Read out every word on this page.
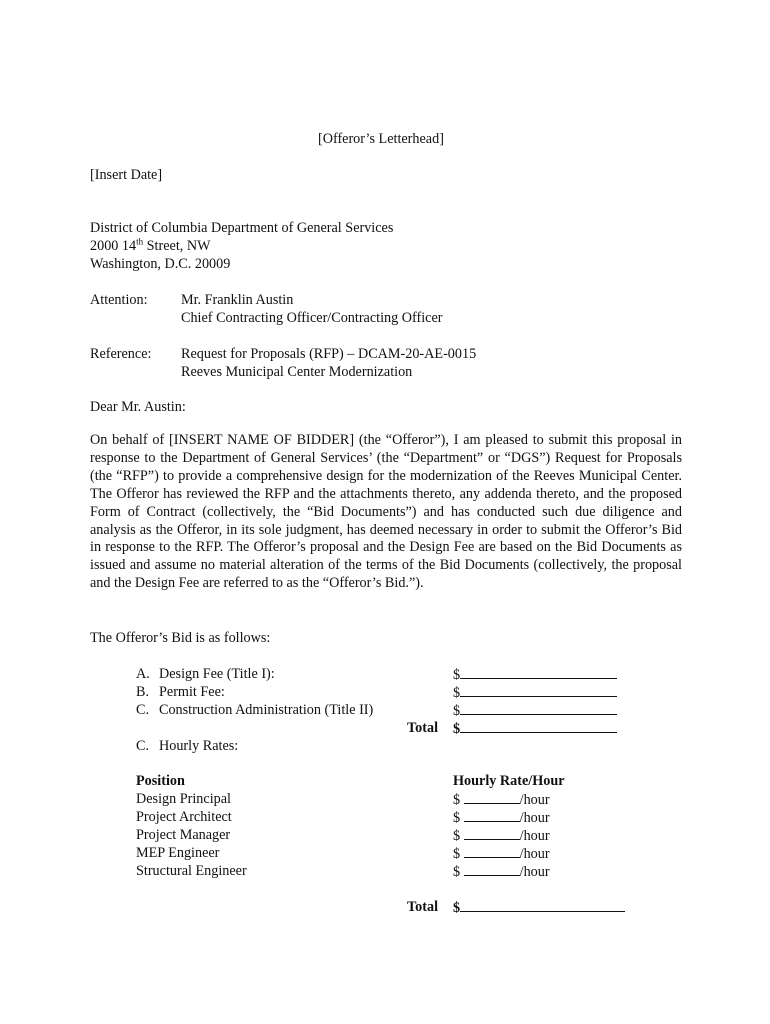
[Offeror’s Letterhead]
[Insert Date]
District of Columbia Department of General Services
2000 14th Street, NW
Washington, D.C. 20009
Attention: Mr. Franklin Austin
Chief Contracting Officer/Contracting Officer
Reference: Request for Proposals (RFP) – DCAM-20-AE-0015
Reeves Municipal Center Modernization
Dear Mr. Austin:
On behalf of [INSERT NAME OF BIDDER] (the “Offeror”), I am pleased to submit this proposal in response to the Department of General Services’ (the “Department” or “DGS”) Request for Proposals (the “RFP”) to provide a comprehensive design for the modernization of the Reeves Municipal Center. The Offeror has reviewed the RFP and the attachments thereto, any addenda thereto, and the proposed Form of Contract (collectively, the “Bid Documents”) and has conducted such due diligence and analysis as the Offeror, in its sole judgment, has deemed necessary in order to submit the Offeror’s Bid in response to the RFP. The Offeror’s proposal and the Design Fee are based on the Bid Documents as issued and assume no material alteration of the terms of the Bid Documents (collectively, the proposal and the Design Fee are referred to as the “Offeror’s Bid.”).
The Offeror’s Bid is as follows:
A. Design Fee (Title I):	$
B. Permit Fee:	$
C. Construction Administration (Title II)	$
Total $
C. Hourly Rates:
Position	Hourly Rate/Hour
Design Principal	$	/hour
Project Architect	$	/hour
Project Manager	$	/hour
MEP Engineer	$	/hour
Structural Engineer	$	/hour
Total $
